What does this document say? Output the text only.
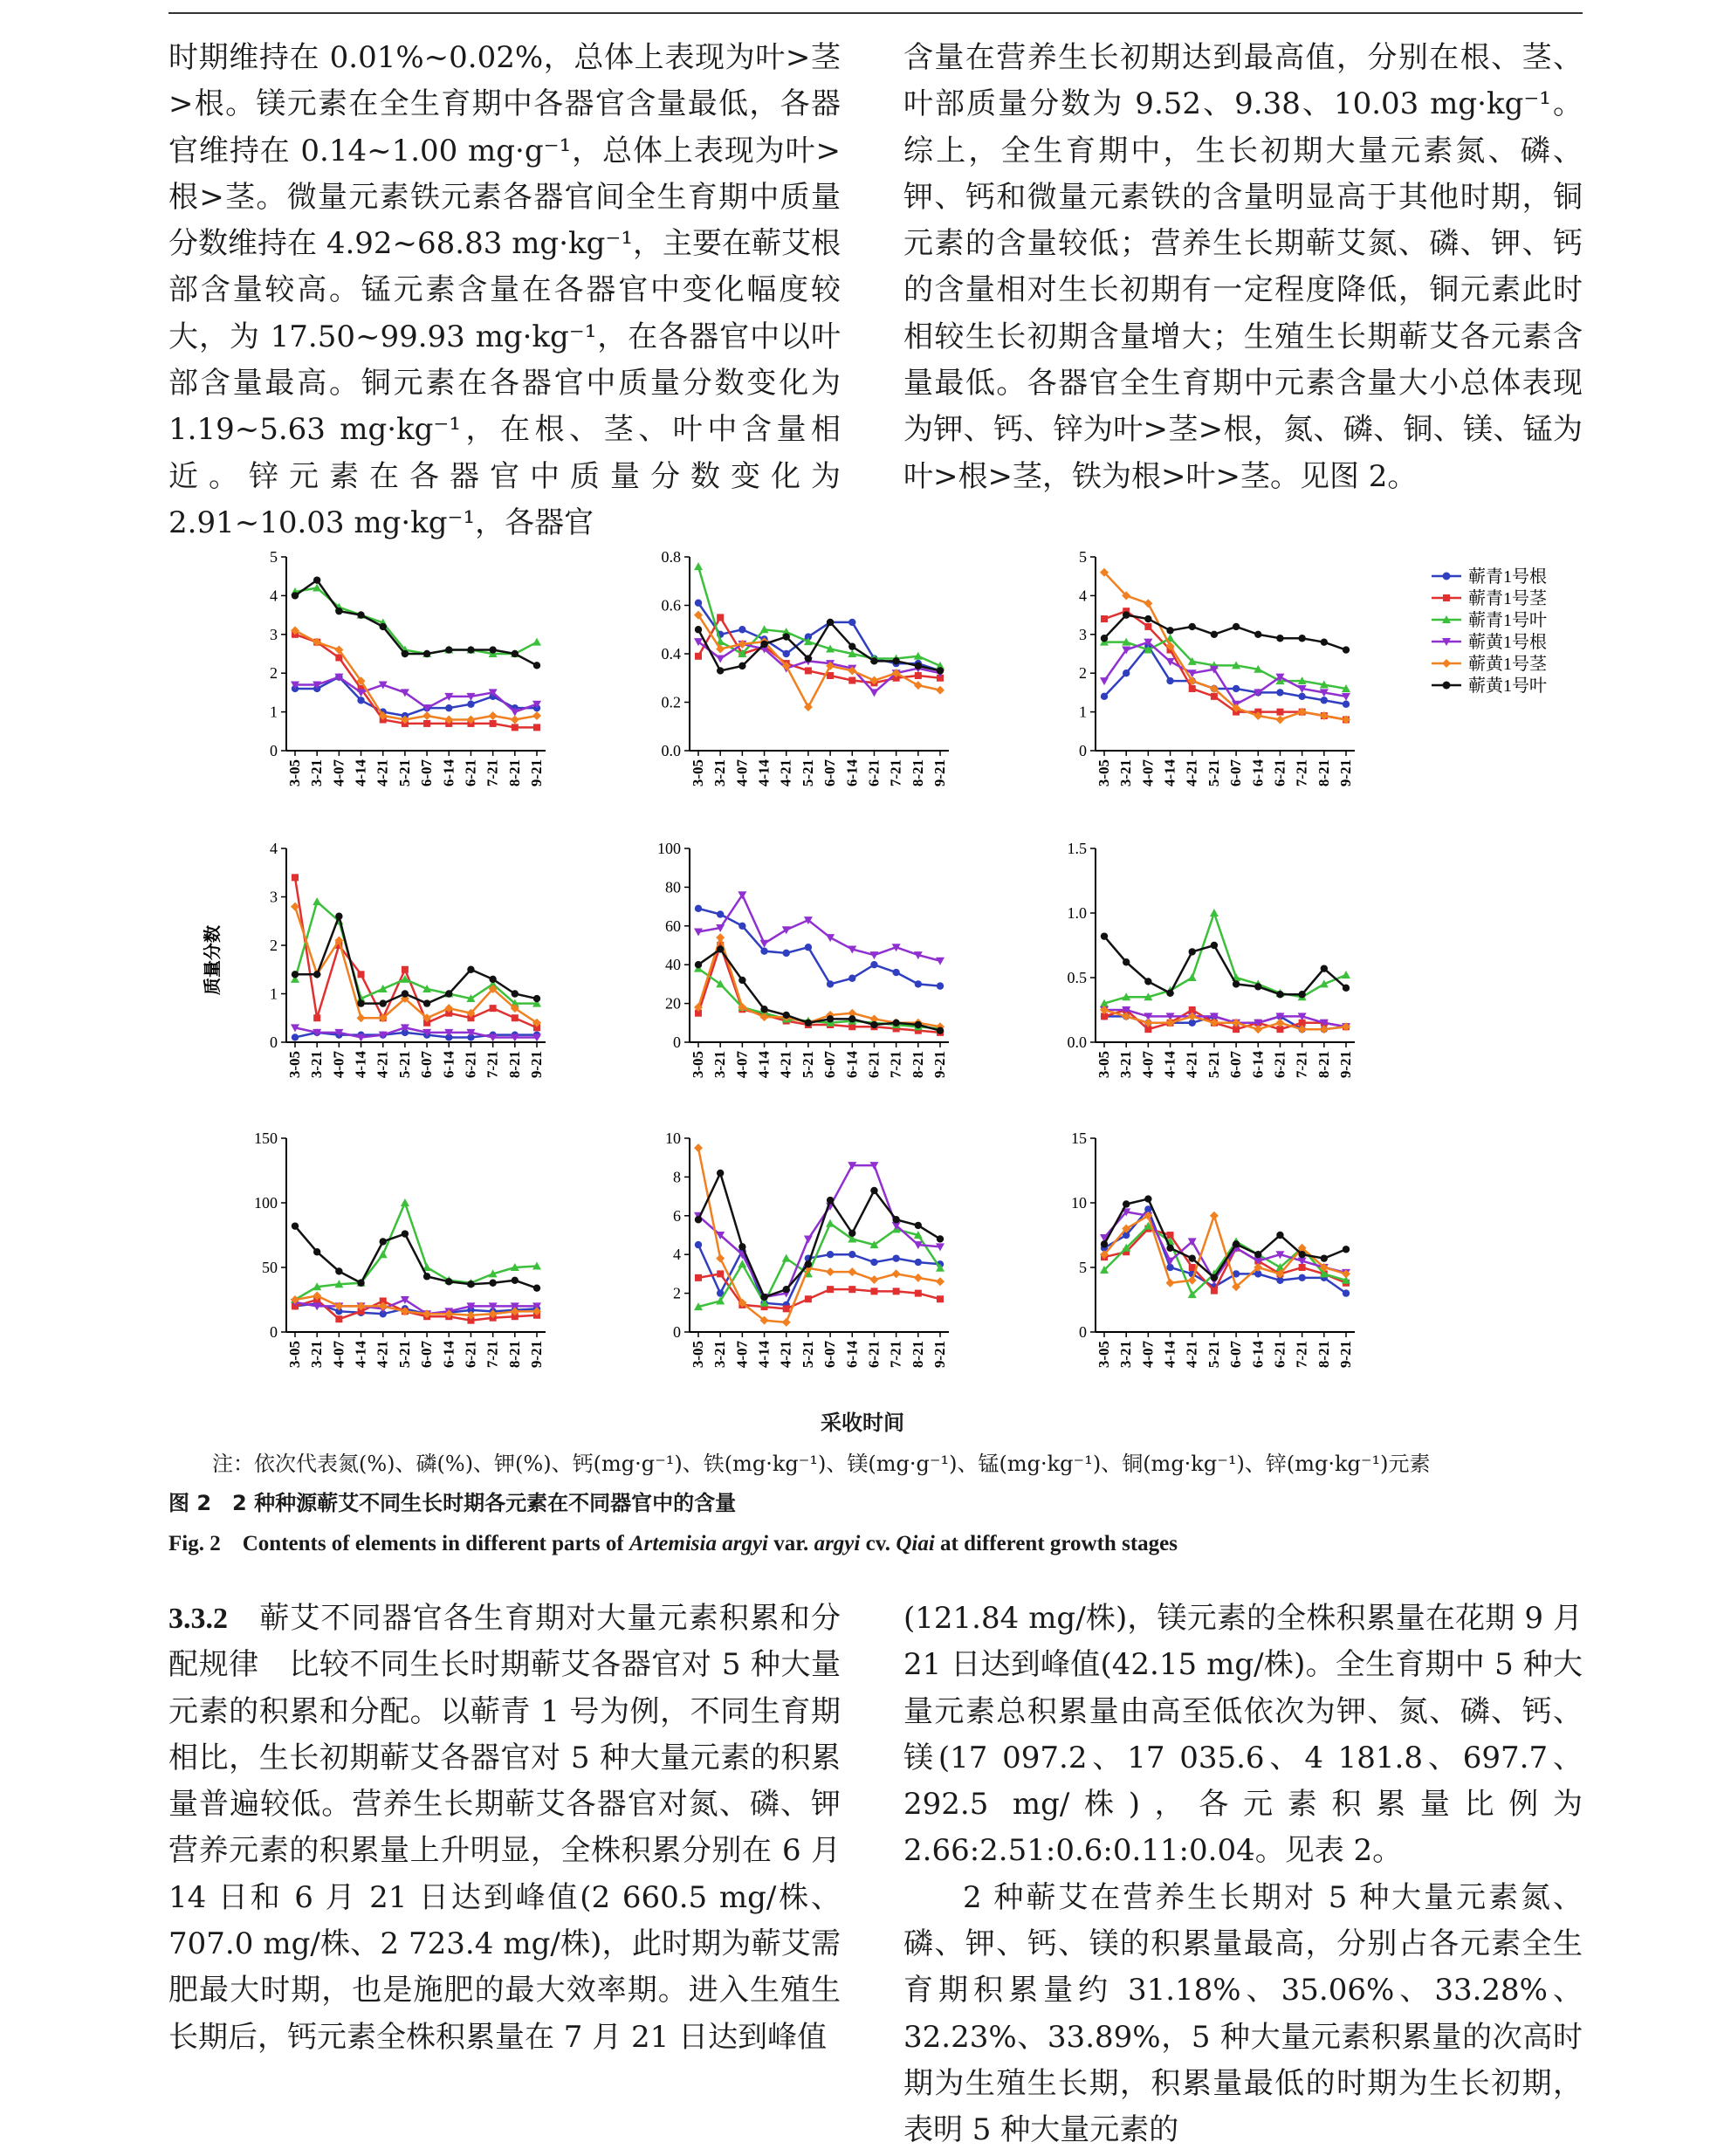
时期维持在 0.01%~0.02%，总体上表现为叶>茎>根。镁元素在全生育期中各器官含量最低，各器官维持在 0.14~1.00 mg·g⁻¹，总体上表现为叶>根>茎。微量元素铁元素各器官间全生育期中质量分数维持在 4.92~68.83 mg·kg⁻¹，主要在蕲艾根部含量较高。锰元素含量在各器官中变化幅度较大，为 17.50~99.93 mg·kg⁻¹，在各器官中以叶部含量最高。铜元素在各器官中质量分数变化为 1.19~5.63 mg·kg⁻¹，在根、茎、叶中含量相近。锌元素在各器官中质量分数变化为 2.91~10.03 mg·kg⁻¹，各器官

含量在营养生长初期达到最高值，分别在根、茎、叶部质量分数为 9.52、9.38、10.03 mg·kg⁻¹。综上，全生育期中，生长初期大量元素氮、磷、钾、钙和微量元素铁的含量明显高于其他时期，铜元素的含量较低；营养生长期蕲艾氮、磷、钾、钙的含量相对生长初期有一定程度降低，铜元素此时相较生长初期含量增大；生殖生长期蕲艾各元素含量最低。各器官全生育期中元素含量大小总体表现为钾、钙、锌为叶>茎>根，氮、磷、铜、镁、锰为叶>根>茎，铁为根>叶>茎。见图 2。

0
1
2
3
4
5
3-05 3-21 4-07 4-14 4-21 5-21 6-07 6-14 6-21 7-21 8-21 9-21
0.0
0.2
0.4
0.6
0.8
3-05 3-21 4-07 4-14 4-21 5-21 6-07 6-14 6-21 7-21 8-21 9-21
0
1
2
3
4
5
3-05 3-21 4-07 4-14 4-21 5-21 6-07 6-14 6-21 7-21 8-21 9-21
0
1
2
3
4
3-05 3-21 4-07 4-14 4-21 5-21 6-07 6-14 6-21 7-21 8-21 9-21
0
20
40
60
80
100
3-05 3-21 4-07 4-14 4-21 5-21 6-07 6-14 6-21 7-21 8-21 9-21
0.0
0.5
1.0
1.5
3-05 3-21 4-07 4-14 4-21 5-21 6-07 6-14 6-21 7-21 8-21 9-21
0
50
100
150
3-05 3-21 4-07 4-14 4-21 5-21 6-07 6-14 6-21 7-21 8-21 9-21
0
2
4
6
8
10
3-05 3-21 4-07 4-14 4-21 5-21 6-07 6-14 6-21 7-21 8-21 9-21
0
5
10
15
3-05 3-21 4-07 4-14 4-21 5-21 6-07 6-14 6-21 7-21 8-21 9-21
质量分数
蕲青1号根
蕲青1号茎
蕲青1号叶
蕲黄1号根
蕲黄1号茎
蕲黄1号叶
采收时间
注：依次代表氮(%)、磷(%)、钾(%)、钙(mg·g⁻¹)、铁(mg·kg⁻¹)、镁(mg·g⁻¹)、锰(mg·kg⁻¹)、铜(mg·kg⁻¹)、锌(mg·kg⁻¹)元素
图 2　2 种种源蕲艾不同生长时期各元素在不同器官中的含量
Fig. 2　Contents of elements in different parts of Artemisia argyi var. argyi cv. Qiai at different growth stages

3.3.2　 蕲艾不同器官各生育期对大量元素积累和分配规律　 比较不同生长时期蕲艾各器官对 5 种大量元素的积累和分配。以蕲青 1 号为例，不同生育期相比，生长初期蕲艾各器官对 5 种大量元素的积累量普遍较低。营养生长期蕲艾各器官对氮、磷、钾营养元素的积累量上升明显，全株积累分别在 6 月 14 日和 6 月 21 日达到峰值(2 660.5 mg/株、707.0 mg/株、2 723.4 mg/株)，此时期为蕲艾需肥最大时期，也是施肥的最大效率期。进入生殖生长期后，钙元素全株积累量在 7 月 21 日达到峰值

(121.84 mg/株)，镁元素的全株积累量在花期 9 月 21 日达到峰值(42.15 mg/株)。全生育期中 5 种大量元素总积累量由高至低依次为钾、氮、磷、钙、镁(17 097.2、17 035.6、4 181.8、697.7、292.5 mg/株)，各元素积累量比例为 2.66:2.51:0.6:0.11:0.04。见表 2。

2 种蕲艾在营养生长期对 5 种大量元素氮、磷、钾、钙、镁的积累量最高，分别占各元素全生育期积累量约 31.18%、35.06%、33.28%、32.23%、33.89%，5 种大量元素积累量的次高时期为生殖生长期，积累量最低的时期为生长初期，表明 5 种大量元素的
